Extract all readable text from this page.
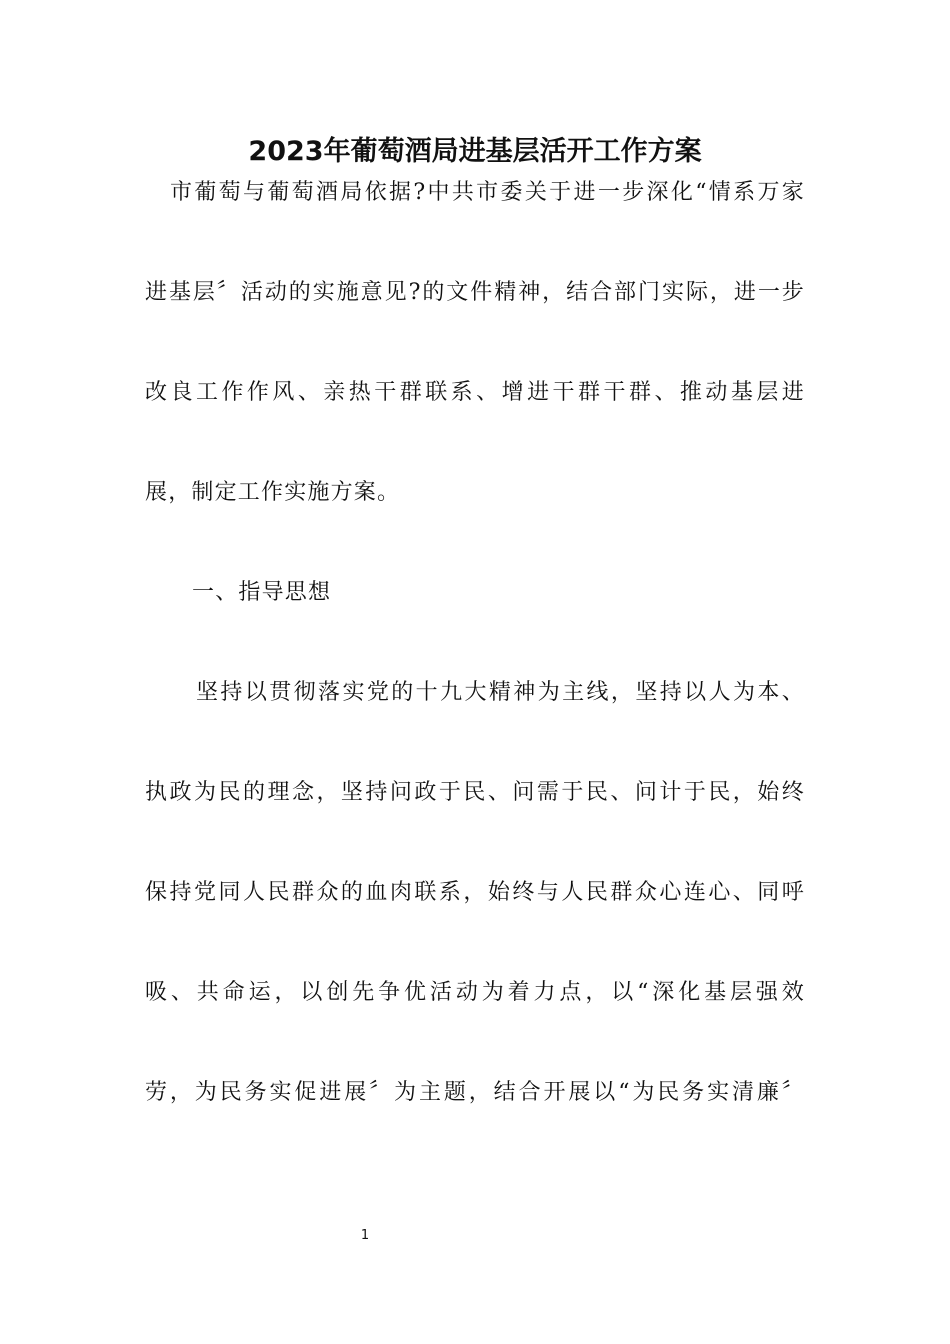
2023年葡萄酒局进基层活开工作方案
市葡萄与葡萄酒局依据?中共市委关于进一步深化“情系万家
进基层〞活动的实施意见?的文件精神，结合部门实际，进一步
改良工作作风、亲热干群联系、增进干群干群、推动基层进
展，制定工作实施方案。
一、指导思想
坚持以贯彻落实党的十九大精神为主线，坚持以人为本、
执政为民的理念，坚持问政于民、问需于民、问计于民，始终
保持党同人民群众的血肉联系，始终与人民群众心连心、同呼
吸、共命运，以创先争优活动为着力点，以“深化基层强效
劳，为民务实促进展〞为主题，结合开展以“为民务实清廉〞
1
